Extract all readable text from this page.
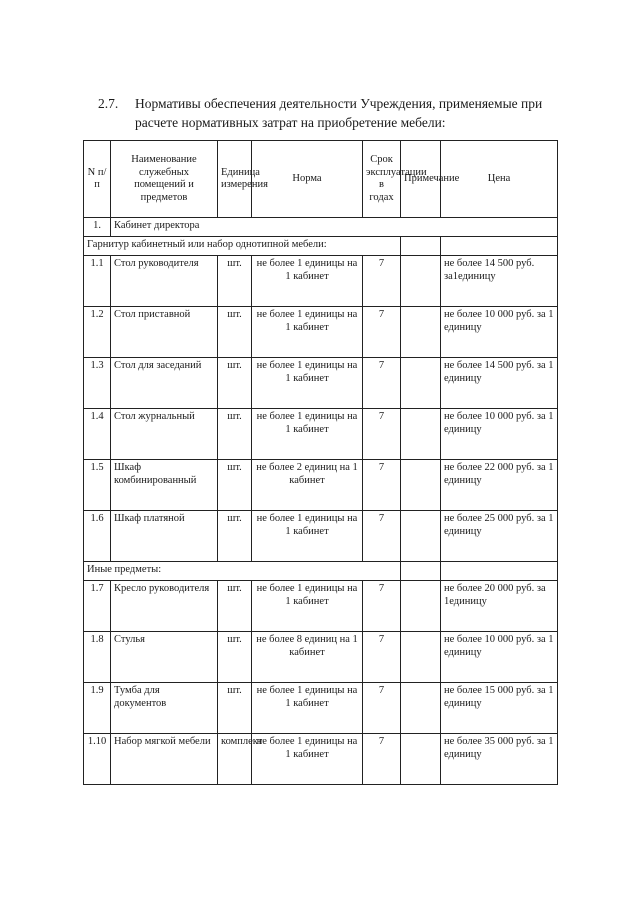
2.7. Нормативы обеспечения деятельности Учреждения, применяемые при
расчете нормативных затрат на приобретение мебели:
N п/п	Наименование служебных помещений и предметов	Единица измерения	Норма	Срок эксплуатации в годах	Примечание	Цена
1.	Кабинет директора					
Гарнитур кабинетный или набор однотипной мебели:						
1.1	Стол руководителя	шт.	не более 1 единицы на 1 кабинет	7		не более 14 500 руб. за1единицу
1.2	Стол приставной	шт.	не более 1 единицы на 1 кабинет	7		не более 10 000 руб. за 1 единицу
1.3	Стол для заседаний	шт.	не более 1 единицы на 1 кабинет	7		не более 14 500 руб. за 1 единицу
1.4	Стол журнальный	шт.	не более 1 единицы на 1 кабинет	7		не более 10 000 руб. за 1 единицу
1.5	Шкаф комбинированный	шт.	не более 2 единиц на 1 кабинет	7		не более 22 000 руб. за 1 единицу
1.6	Шкаф платяной	шт.	не более 1 единицы на 1 кабинет	7		не более 25 000 руб. за 1 единицу
Иные предметы:						
1.7	Кресло руководителя	шт.	не более 1 единицы на 1 кабинет	7		не более 20 000 руб. за 1единицу
1.8	Стулья	шт.	не более 8 единиц на 1 кабинет	7		не более 10 000 руб. за 1 единицу
1.9	Тумба для документов	шт.	не более 1 единицы на 1 кабинет	7		не более 15 000 руб. за 1 единицу
1.10	Набор мягкой мебели	комплект	не более 1 единицы на 1 кабинет	7		не более 35 000 руб. за 1 единицу
